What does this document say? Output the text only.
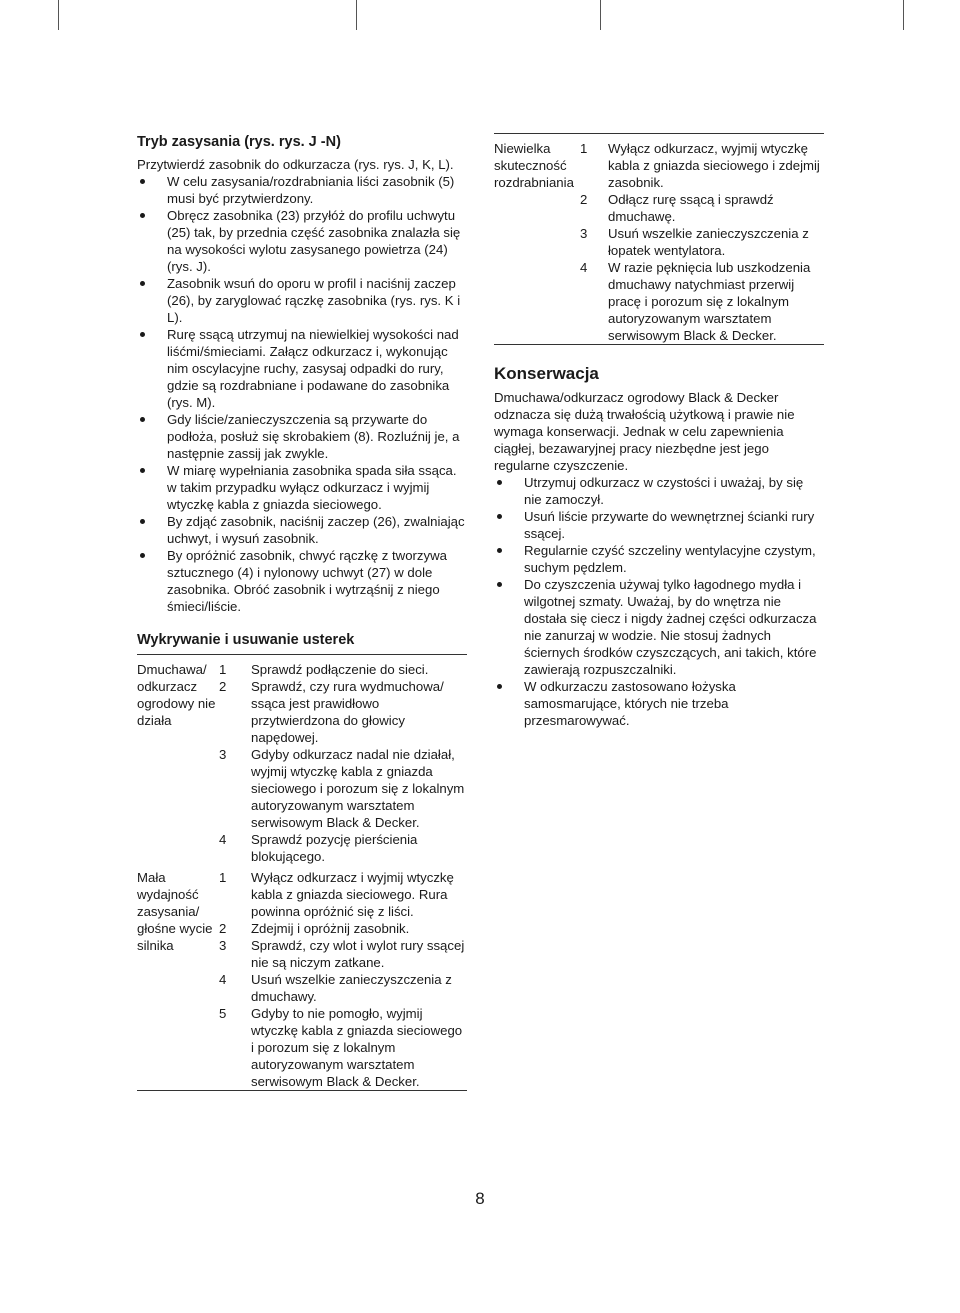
Tryb zasysania (rys. rys. J -N)

Przytwierdź zasobnik do odkurzacza (rys. rys. J, K, L).

W celu zasysania/rozdrabniania liści zasobnik (5) musi być przytwierdzony.
Obręcz zasobnika (23) przyłóż do profilu uchwytu (25) tak, by przednia część zasobnika znalazła się na wysokości wylotu zasysanego powietrza (24) (rys. J).
Zasobnik wsuń do oporu w profil i naciśnij zaczep (26), by zaryglować rączkę zasobnika (rys. rys. K i L).
Rurę ssącą utrzymuj na niewielkiej wysokości nad liśćmi/śmieciami. Załącz odkurzacz i, wykonując nim oscylacyjne ruchy, zasysaj odpadki do rury, gdzie są rozdrabniane i podawane do zasobnika (rys. M).
Gdy liście/zanieczyszczenia są przywarte do podłoża, posłuż się skrobakiem (8). Rozluźnij je, a następnie zassij jak zwykle.
W miarę wypełniania zasobnika spada siła ssąca. w takim przypadku wyłącz odkurzacz i wyjmij wtyczkę kabla z gniazda sieciowego.
By zdjąć zasobnik, naciśnij zaczep (26), zwalniając uchwyt, i wysuń zasobnik.
By opróżnić zasobnik, chwyć rączkę z tworzywa sztucznego (4) i nylonowy uchwyt (27) w dole zasobnika. Obróć zasobnik i wytrząśnij z niego śmieci/liście.
Wykrywanie i usuwanie usterek

Dmuchawa/ odkurzacz ogrodowy nie działa	1	Sprawdź podłączenie do sieci.
	2	Sprawdź, czy rura wydmuchowa/ ssąca jest prawidłowo przytwierdzona do głowicy napędowej.
	3	Gdyby odkurzacz nadal nie działał, wyjmij wtyczkę kabla z gniazda sieciowego i porozum się z lokalnym autoryzowanym warsztatem serwisowym Black & Decker.
	4	Sprawdź pozycję pierścienia blokującego.

Mała wydajność zasysania/ głośne wycie silnika	1	Wyłącz odkurzacz i wyjmij wtyczkę kabla z gniazda sieciowego. Rura powinna opróżnić się z liści.
	2	Zdejmij i opróżnij zasobnik.
	3	Sprawdź, czy wlot i wylot rury ssącej nie są niczym zatkane.
	4	Usuń wszelkie zanieczyszczenia z dmuchawy.
	5	Gdyby to nie pomogło, wyjmij wtyczkę kabla z gniazda sieciowego i porozum się z lokalnym autoryzowanym warsztatem serwisowym Black & Decker.

Niewielka skuteczność rozdrabniania	1	Wyłącz odkurzacz, wyjmij wtyczkę kabla z gniazda sieciowego i zdejmij zasobnik.
	2	Odłącz rurę ssącą i sprawdź dmuchawę.
	3	Usuń wszelkie zanieczyszczenia z łopatek wentylatora.
	4	W razie pęknięcia lub uszkodzenia dmuchawy natychmiast przerwij pracę i porozum się z lokalnym autoryzowanym warsztatem serwisowym Black & Decker.

Konserwacja

Dmuchawa/odkurzacz ogrodowy Black & Decker odznacza się dużą trwałością użytkową i prawie nie wymaga konserwacji. Jednak w celu zapewnienia ciągłej, bezawaryjnej pracy niezbędne jest jego regularne czyszczenie.

Utrzymuj odkurzacz w czystości i uważaj, by się nie zamoczył.
Usuń liście przywarte do wewnętrznej ścianki rury ssącej.
Regularnie czyść szczeliny wentylacyjne czystym, suchym pędzlem.
Do czyszczenia używaj tylko łagodnego mydła i wilgotnej szmaty. Uważaj, by do wnętrza nie dostała się ciecz i nigdy żadnej części odkurzacza nie zanurzaj w wodzie. Nie stosuj żadnych ściernych środków czyszczących, ani takich, które zawierają rozpuszczalniki.
W odkurzaczu zastosowano łożyska samosmarujące, których nie trzeba przesmarowywać.
8
